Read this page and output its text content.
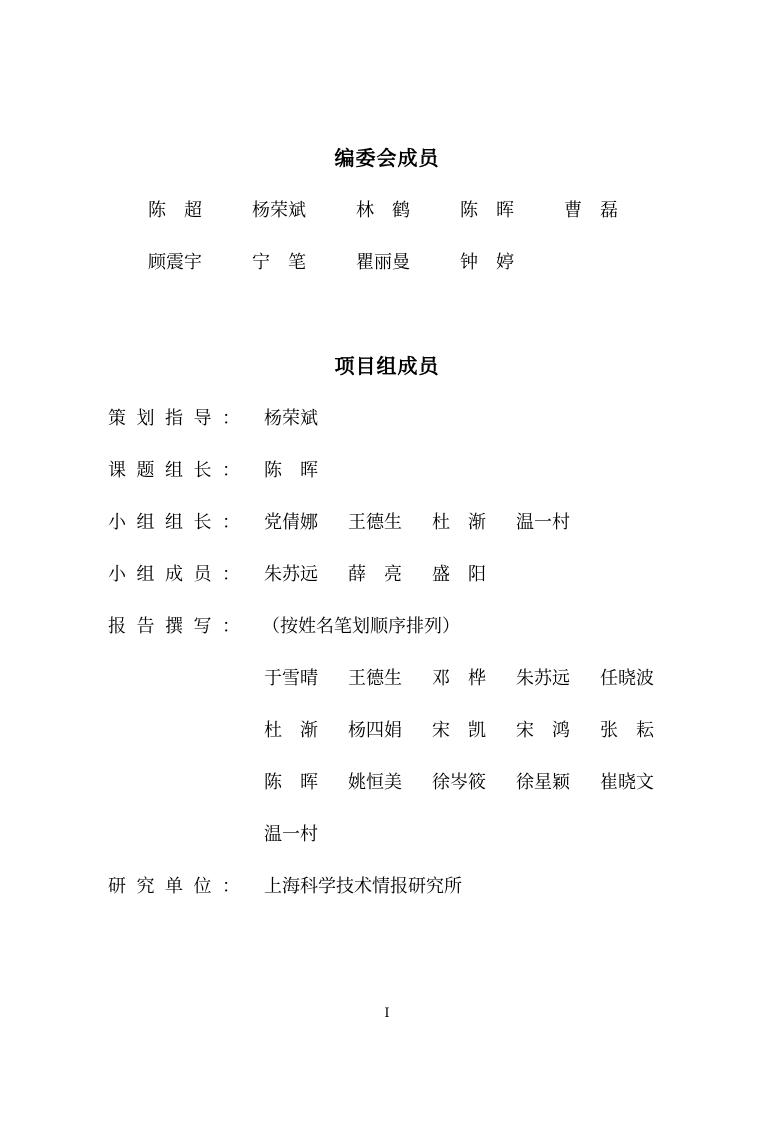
编委会成员
陈　超	杨荣斌	林　鹤	陈　晖	曹　磊
顾震宇	宁　笔	瞿丽曼	钟　婷
项目组成员
策 划 指 导 ： 杨荣斌
课 题 组 长 ： 陈　晖
小 组 组 长 ： 党倩娜 王德生 杜　渐 温一村
小 组 成 员 ： 朱苏远 薛　亮 盛　阳
报 告 撰 写 ： （按姓名笔划顺序排列）
于雪晴 王德生 邓　桦 朱苏远 任晓波
杜　渐 杨四娟 宋　凯 宋　鸿 张　耘
陈　晖 姚恒美 徐岑筱 徐星颖 崔晓文
温一村
研 究 单 位 ： 上海科学技术情报研究所
I
